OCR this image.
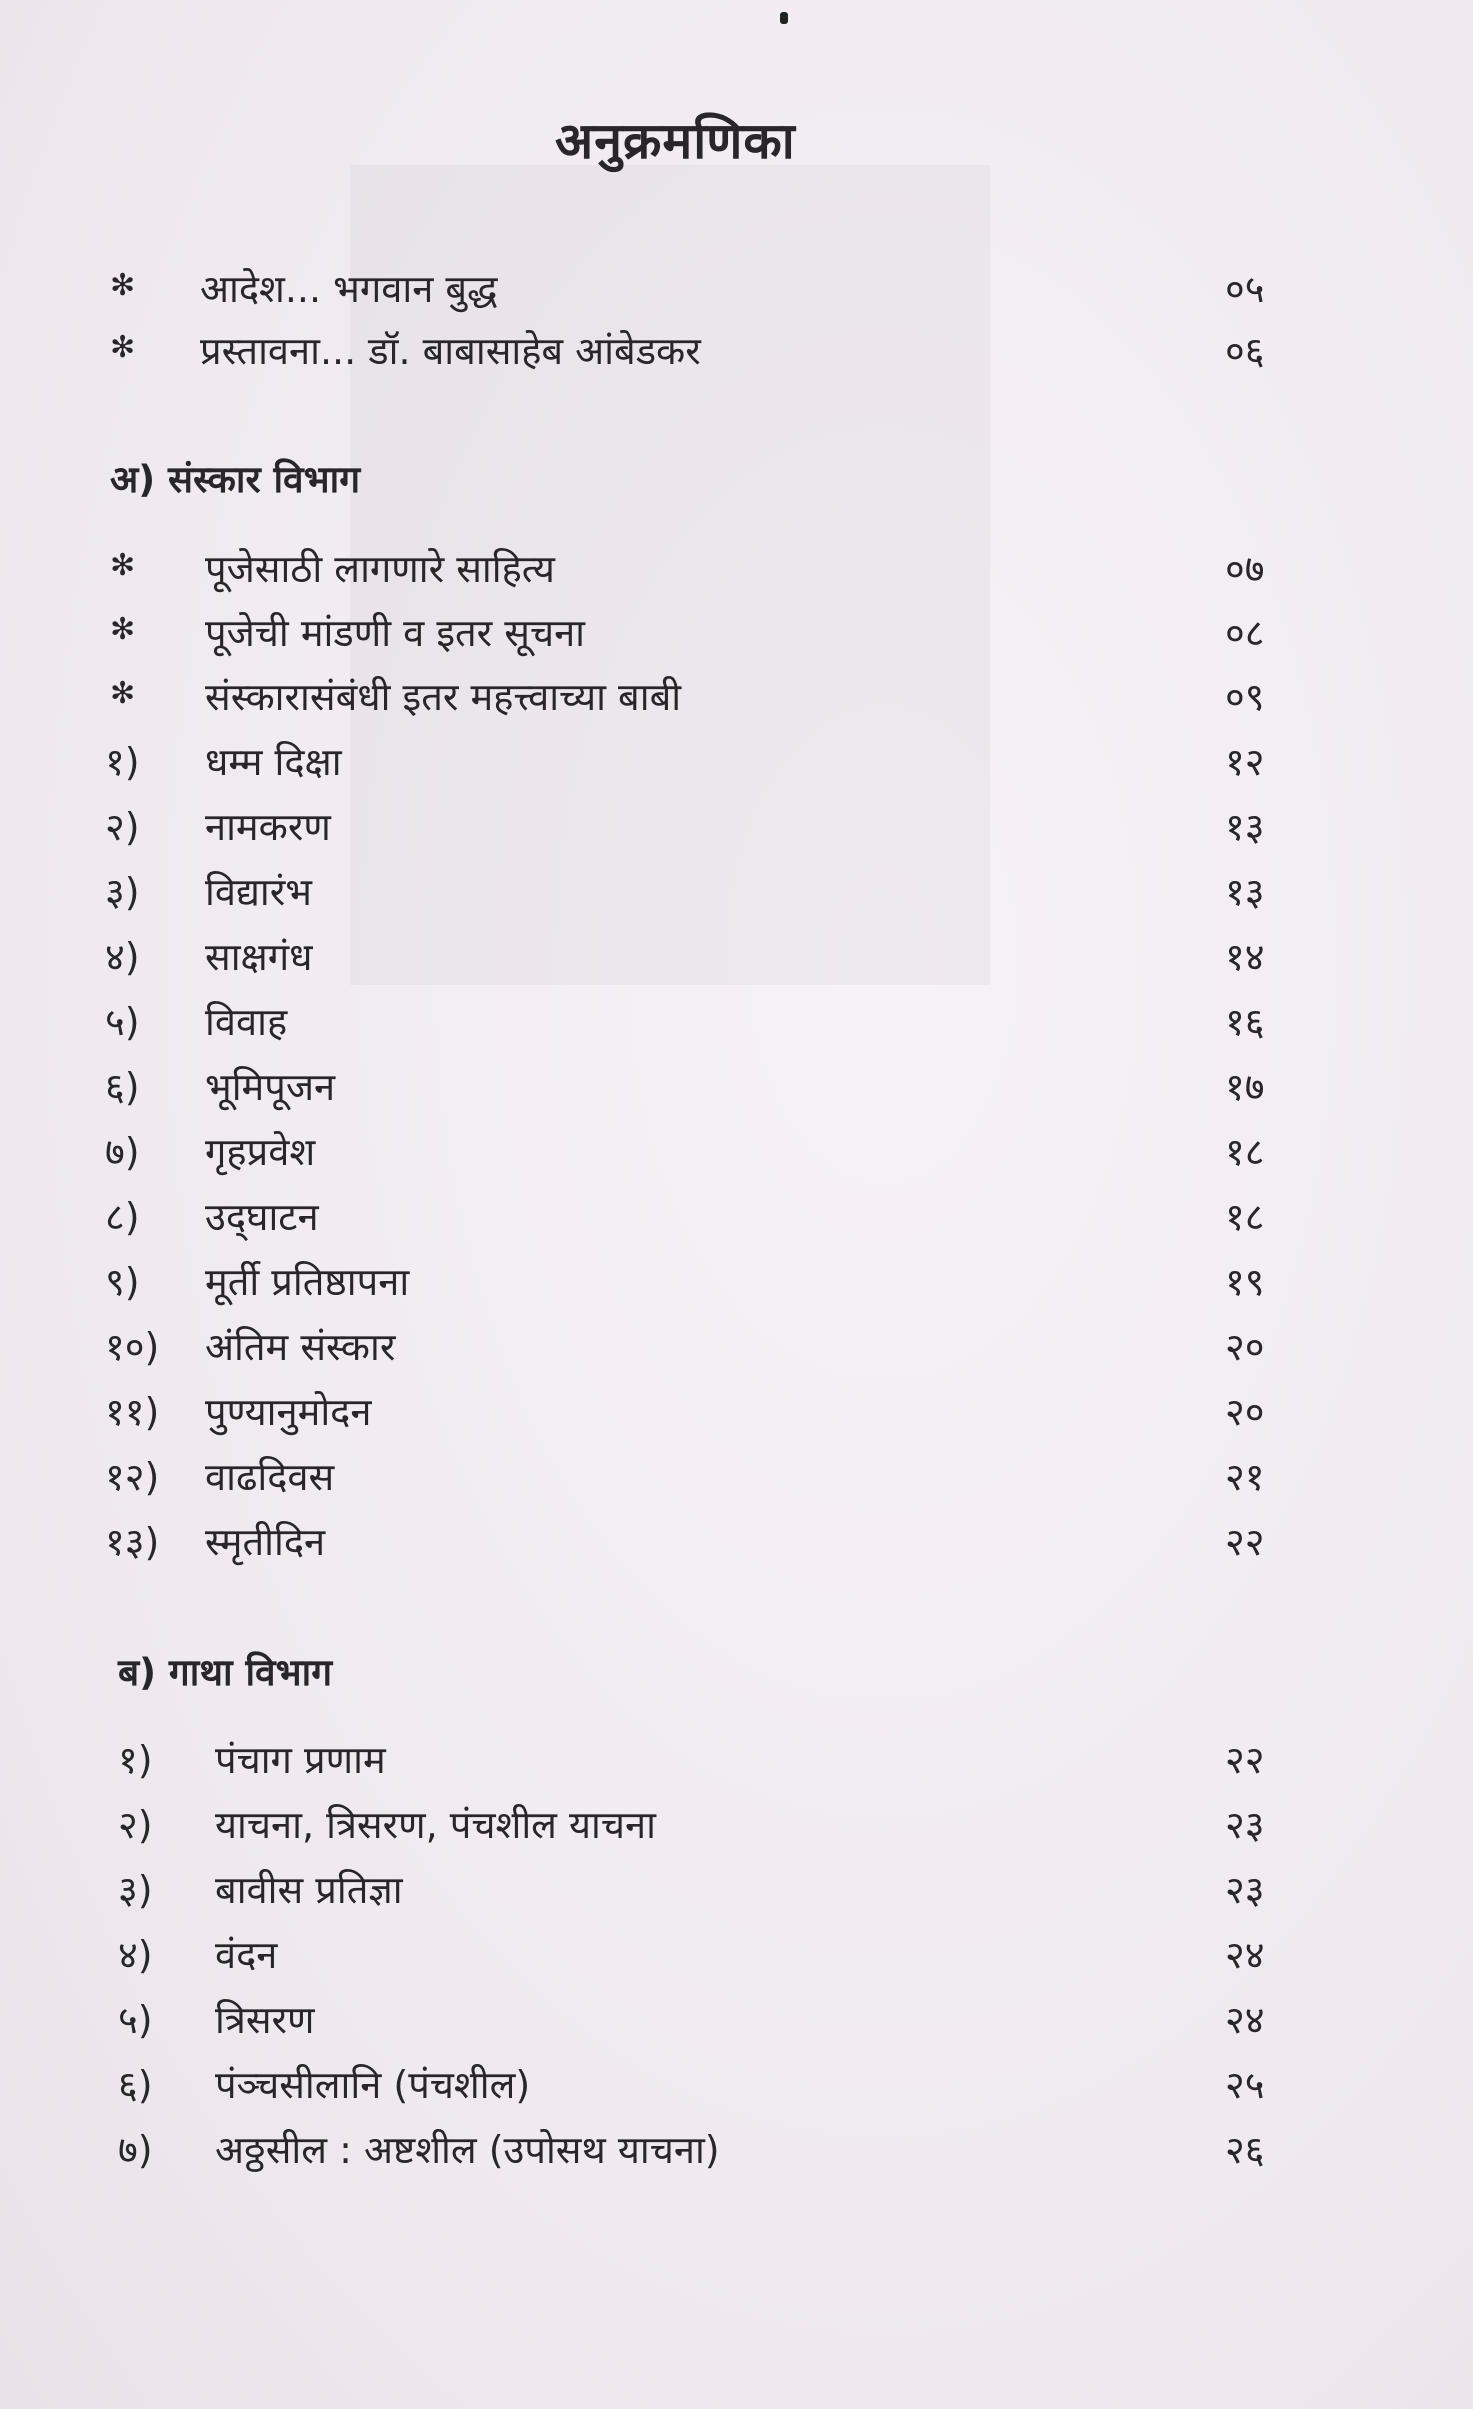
अनुक्रमणिका
✻	आदेश... भगवान बुद्ध	०५
✻	प्रस्तावना... डॉ. बाबासाहेब आंबेडकर	०६
अ) संस्कार विभाग
✻	पूजेसाठी लागणारे साहित्य	०७
✻	पूजेची मांडणी व इतर सूचना	०८
✻	संस्कारासंबंधी इतर महत्त्वाच्या बाबी	०९
१)	धम्म दिक्षा	१२
२)	नामकरण	१३
३)	विद्यारंभ	१३
४)	साक्षगंध	१४
५)	विवाह	१६
६)	भूमिपूजन	१७
७)	गृहप्रवेश	१८
८)	उद्‌घाटन	१८
९)	मूर्ती प्रतिष्ठापना	१९
१०)	अंतिम संस्कार	२०
११)	पुण्यानुमोदन	२०
१२)	वाढदिवस	२१
१३)	स्मृतीदिन	२२
ब) गाथा विभाग
१)	पंचाग प्रणाम	२२
२)	याचना, त्रिसरण, पंचशील याचना	२३
३)	बावीस प्रतिज्ञा	२३
४)	वंदन	२४
५)	त्रिसरण	२४
६)	पंञ्चसीलानि (पंचशील)	२५
७)	अठ्ठसील : अष्टशील (उपोसथ याचना)	२६
